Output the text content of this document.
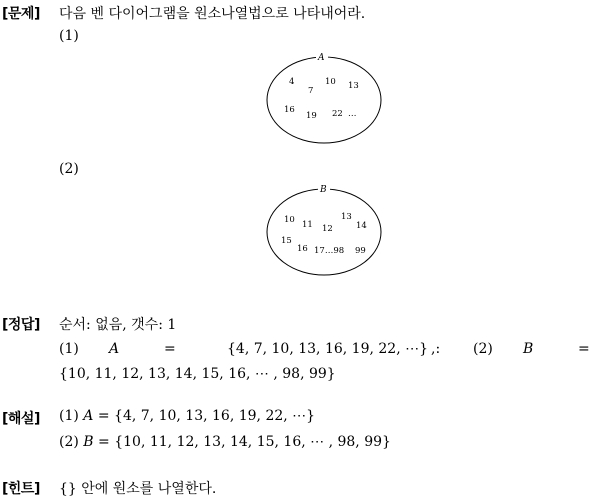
[문제] 다음 벤 다이어그램을 원소나열법으로 나타내어라.
(1)
A
4
7
10 13
16
19 22 …
(2)
B
10 11 12
13
14
15
16 17…98 99
[정답] 순서: 없음, 갯수: 1
(1) A	=	{4, 7, 10, 13, 16, 19, 22, ⋯} ,: (2) B	=
{10, 11, 12, 13, 14, 15, 16, ⋯ , 98, 99}
[해설] (1) A = {4, 7, 10, 13, 16, 19, 22, ⋯}
(2) B = {10, 11, 12, 13, 14, 15, 16, ⋯ , 98, 99}
[힌트] {} 안에 원소를 나열한다.
